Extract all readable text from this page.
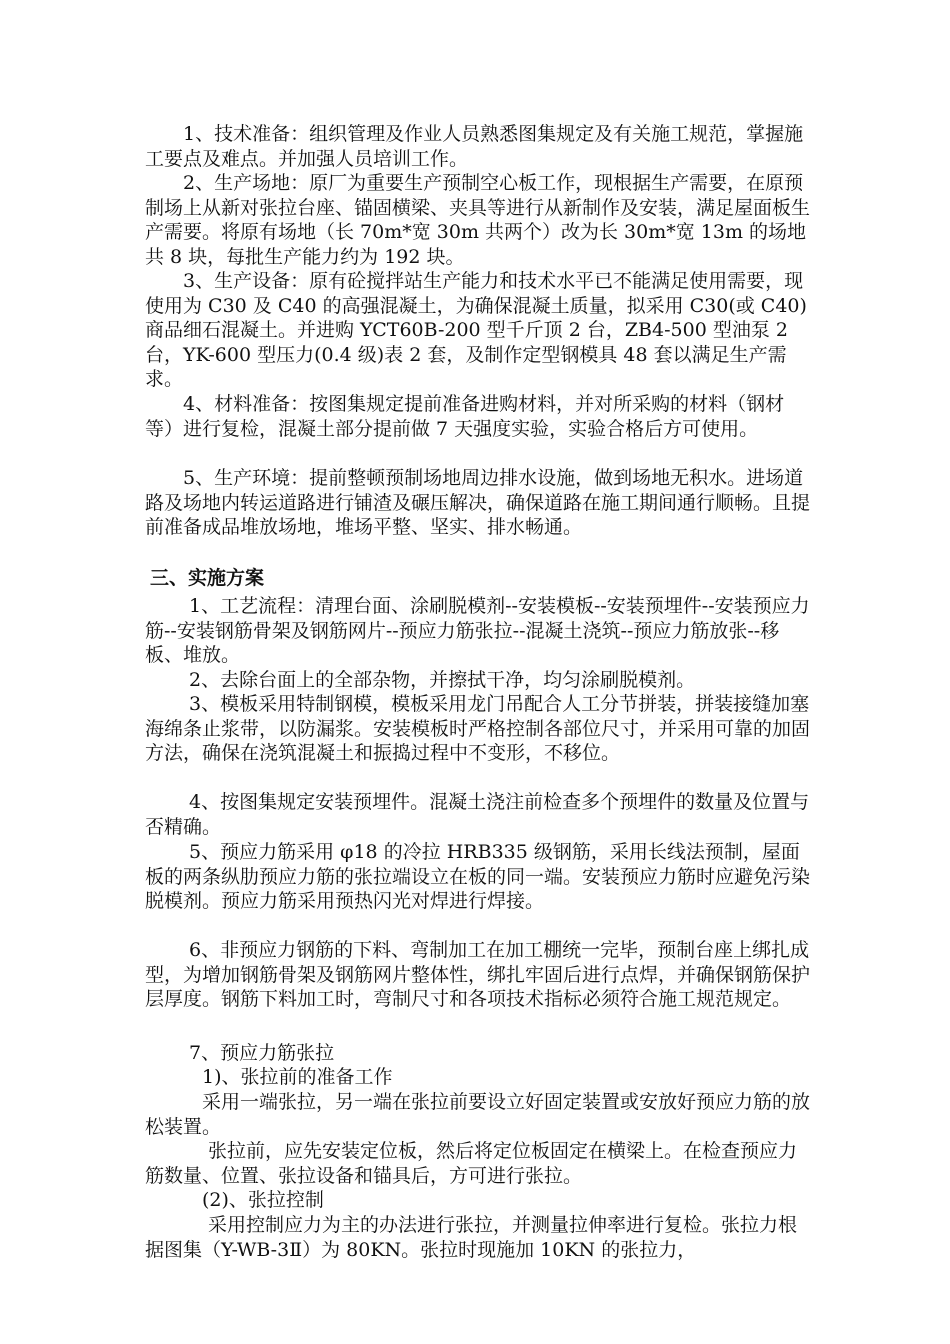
　　1、技术准备：组织管理及作业人员熟悉图集规定及有关施工规范，掌握施工要点及难点。并加强人员培训工作。

　　2、生产场地：原厂为重要生产预制空心板工作，现根据生产需要，在原预制场上从新对张拉台座、锚固横梁、夹具等进行从新制作及安装，满足屋面板生产需要。将原有场地（长 70m*宽 30m 共两个）改为长 30m*宽 13m 的场地共 8 块，每批生产能力约为 192 块。

　　3、生产设备：原有砼搅拌站生产能力和技术水平已不能满足使用需要，现使用为 C30 及 C40 的高强混凝土，为确保混凝土质量，拟采用 C30(或 C40)商品细石混凝土。并进购 YCT60B-200 型千斤顶 2 台，ZB4-500 型油泵 2 台，YK-600 型压力(0.4 级)表 2 套，及制作定型钢模具 48 套以满足生产需求。

　　4、材料准备：按图集规定提前准备进购材料，并对所采购的材料（钢材等）进行复检，混凝土部分提前做 7 天强度实验，实验合格后方可使用。

　　5、生产环境：提前整顿预制场地周边排水设施，做到场地无积水。进场道路及场地内转运道路进行铺渣及碾压解决，确保道路在施工期间通行顺畅。且提前准备成品堆放场地，堆场平整、坚实、排水畅通。

三、实施方案

　　 1、工艺流程：清理台面、涂刷脱模剂--安装模板--安装预埋件--安装预应力筋--安装钢筋骨架及钢筋网片--预应力筋张拉--混凝土浇筑--预应力筋放张--移板、堆放。

　　 2、去除台面上的全部杂物，并擦拭干净，均匀涂刷脱模剂。

　　 3、模板采用特制钢模，模板采用龙门吊配合人工分节拼装，拼装接缝加塞海绵条止浆带，以防漏浆。安装模板时严格控制各部位尺寸，并采用可靠的加固方法，确保在浇筑混凝土和振捣过程中不变形，不移位。

　　 4、按图集规定安装预埋件。混凝土浇注前检查多个预埋件的数量及位置与否精确。

　　 5、预应力筋采用 φ18 的冷拉 HRB335 级钢筋，采用长线法预制，屋面板的两条纵肋预应力筋的张拉端设立在板的同一端。安装预应力筋时应避免污染脱模剂。预应力筋采用预热闪光对焊进行焊接。

　　 6、非预应力钢筋的下料、弯制加工在加工棚统一完毕，预制台座上绑扎成型，为增加钢筋骨架及钢筋网片整体性，绑扎牢固后进行点焊，并确保钢筋保护层厚度。钢筋下料加工时，弯制尺寸和各项技术指标必须符合施工规范规定。

　　 7、预应力筋张拉

　　　1)、张拉前的准备工作

　　　采用一端张拉，另一端在张拉前要设立好固定装置或安放好预应力筋的放松装置。

　　　 张拉前，应先安装定位板，然后将定位板固定在横梁上。在检查预应力筋数量、位置、张拉设备和锚具后，方可进行张拉。

　　　(2)、张拉控制

　　　 采用控制应力为主的办法进行张拉，并测量拉伸率进行复检。张拉力根据图集（Y-WB-3Ⅱ）为 80KN。张拉时现施加 10KN 的张拉力，
